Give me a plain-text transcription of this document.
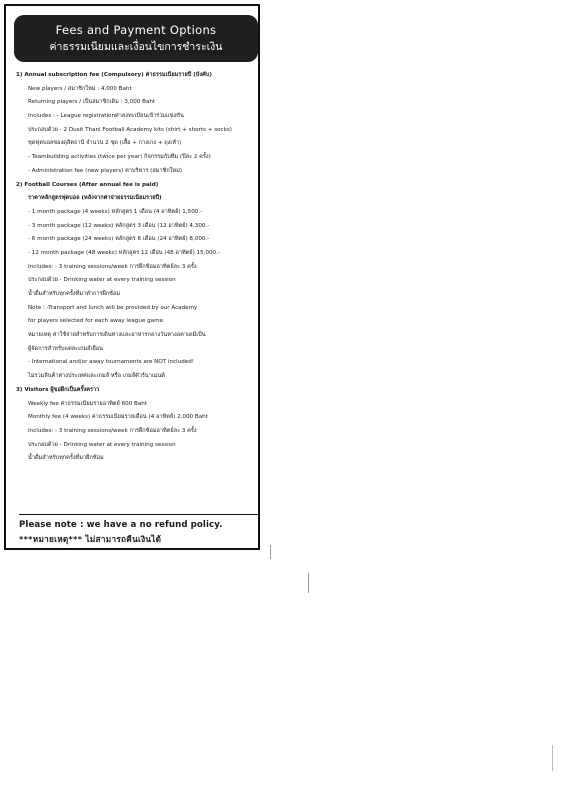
Fees and Payment Options
ค่าธรรมเนียมและเงื่อนไขการชำระเงิน
1) Annual subscription fee (Compulsory) ค่าธรรมเนียมรายปี (บังคับ)
New players / สมาชิกใหม่ : 4,000 Baht
Returning players / เป็นสมาชิกเดิม : 3,000 Baht
Includes : - League registrationค่าลงทะเบียนเข้าร่วมแข่งขัน
ประกอบด้วย - 2 Dusit Thani Football Academy kits (shirt + shorts + socks)
ชุดฟุตบอลของดุสิตธานี จำนวน 2 ชุด (เสื้อ + กางเกง + ถุงเท้า)
- Teambuilding activities (twice per year) กิจกรรมกับทีม (ปีละ 2 ครั้ง)
- Administration fee (new players) ค่าบริหาร (สมาชิกใหม่)
2) Football Courses (After annual fee is paid)
ราคาหลักสูตรฟุตบอล (หลังจากค่าจ่ายธรรมเนียมรายปี)
- 1 month package (4 weeks) หลักสูตร 1 เดือน (4 อาทิตย์) 1,500.-
- 3 month package (12 weeks) หลักสูตร 3 เดือน (12 อาทิตย์) 4,300.-
- 6 month package (24 weeks) หลักสูตร 6 เดือน (24 อาทิตย์) 8,000.-
- 12 month package (48 weeks) หลักสูตร 12 เดือน (48 อาทิตย์) 15,000.-
Includes: - 3 training sessions/week การฝึกซ้อมอาทิตย์ละ 3 ครั้ง
ประกอบด้วย - Drinking water at every training session
น้ำดื่มสำหรับทุกครั้งที่มาทำการฝึกซ้อม
Note : -Transport and lunch will be provided by our Academy
for players selected for each away league game.
หมายเหตุ ค่าใช้จ่ายสำหรับการเดินทางและอาหารกลางวันทางอคาเดมีเป็น
ผู้จัดการสำหรับแต่ละเกมส์เยือน
- International and/or away tournaments are NOT included!
ไม่รวมสินค้าต่างประเทศและเกมส์ หรือ เกมส์ตัวร์นาเมนต์
3) Visitors ผู้ขอฝึกเป็นครั้งคราว
Weekly fee ค่าธรรมเนียมรายอาทิตย์ 600 Baht
Monthly fee (4 weeks) ค่าธรรมเนียมรายเดือน (4 อาทิตย์) 2,000 Baht
Includes: - 3 training sessions/week การฝึกซ้อมอาทิตย์ละ 3 ครั้ง
ประกอบด้วย - Drinking water at every training session
น้ำดื่มสำหรับทุกครั้งที่มาฝึกซ้อม
Please note : we have a no refund policy.
***หมายเหตุ*** ไม่สามารถคืนเงินได้
